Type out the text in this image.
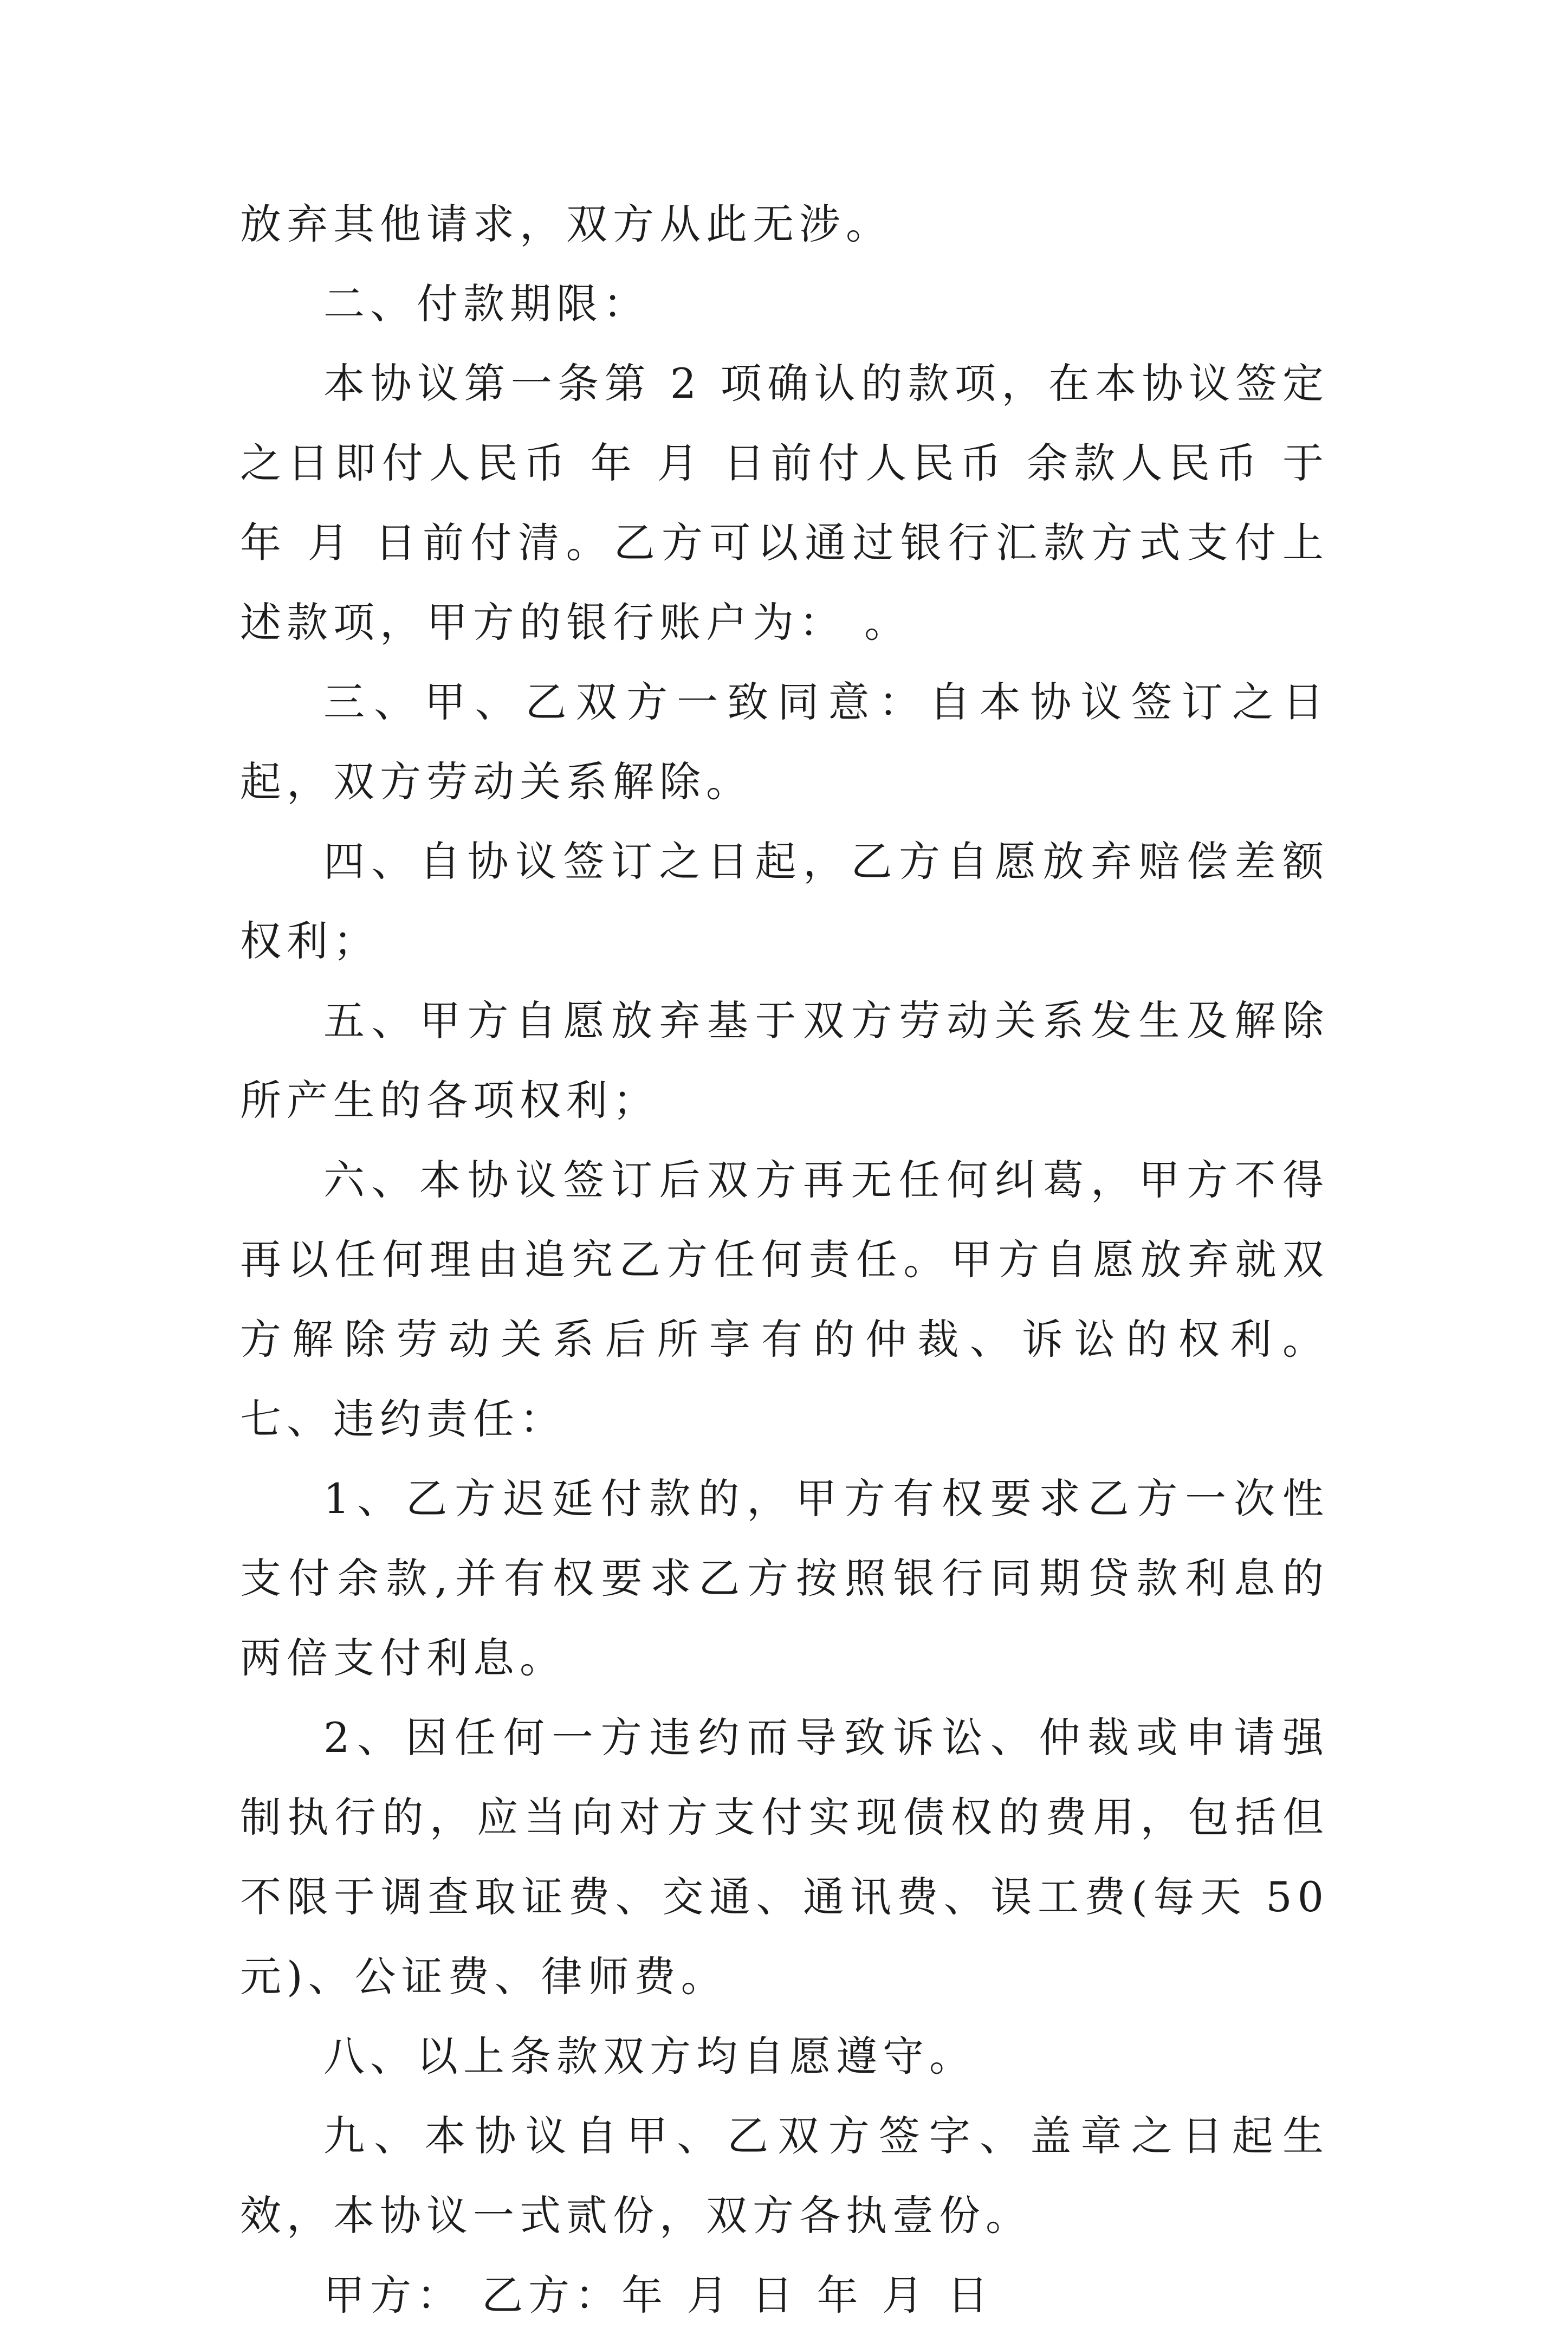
放弃其他请求，双方从此无涉。

二、付款期限：

本协议第一条第 2 项确认的款项，在本协议签定之日即付人民币 年 月 日前付人民币 余款人民币 于 年 月 日前付清。乙方可以通过银行汇款方式支付上述款项，甲方的银行账户为： 。

三、甲、乙双方一致同意：自本协议签订之日起，双方劳动关系解除。

四、自协议签订之日起，乙方自愿放弃赔偿差额权利；

五、甲方自愿放弃基于双方劳动关系发生及解除所产生的各项权利；

六、本协议签订后双方再无任何纠葛，甲方不得再以任何理由追究乙方任何责任。甲方自愿放弃就双方解除劳动关系后所享有的仲裁、诉讼的权利。 七、违约责任：

1、乙方迟延付款的，甲方有权要求乙方一次性支付余款,并有权要求乙方按照银行同期贷款利息的两倍支付利息。

2、因任何一方违约而导致诉讼、仲裁或申请强制执行的，应当向对方支付实现债权的费用，包括但不限于调查取证费、交通、通讯费、误工费(每天 50 元)、公证费、律师费。

八、以上条款双方均自愿遵守。

九、本协议自甲、乙双方签字、盖章之日起生效，本协议一式贰份，双方各执壹份。

甲方： 乙方：年 月 日 年 月 日
